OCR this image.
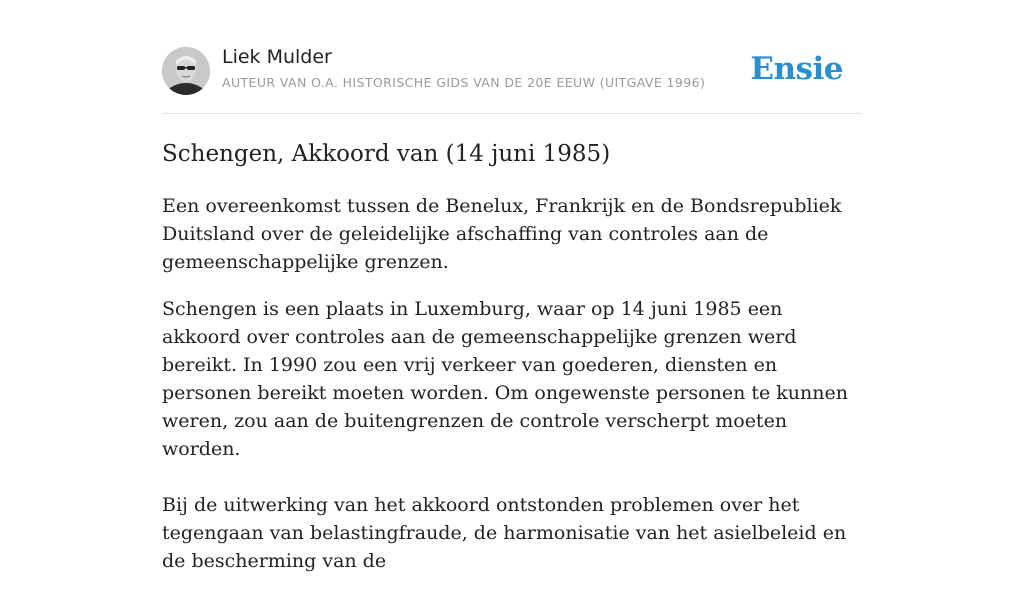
Liek Mulder
AUTEUR VAN O.A. HISTORISCHE GIDS VAN DE 20E EEUW (UITGAVE 1996) Ensie
Schengen, Akkoord van (14 juni 1985)
Een overeenkomst tussen de Benelux, Frankrijk en de Bondsrepubliek Duitsland over de geleidelijke afschaffing van controles aan de gemeenschappelijke grenzen.

Schengen is een plaats in Luxemburg, waar op 14 juni 1985 een akkoord over controles aan de gemeenschappelijke grenzen werd bereikt. In 1990 zou een vrij verkeer van goederen, diensten en personen bereikt moeten worden. Om ongewenste personen te kunnen weren, zou aan de buitengrenzen de controle verscherpt moeten worden.

Bij de uitwerking van het akkoord ontstonden problemen over het tegengaan van belastingfraude, de harmonisatie van het asielbeleid en de bescherming van de
